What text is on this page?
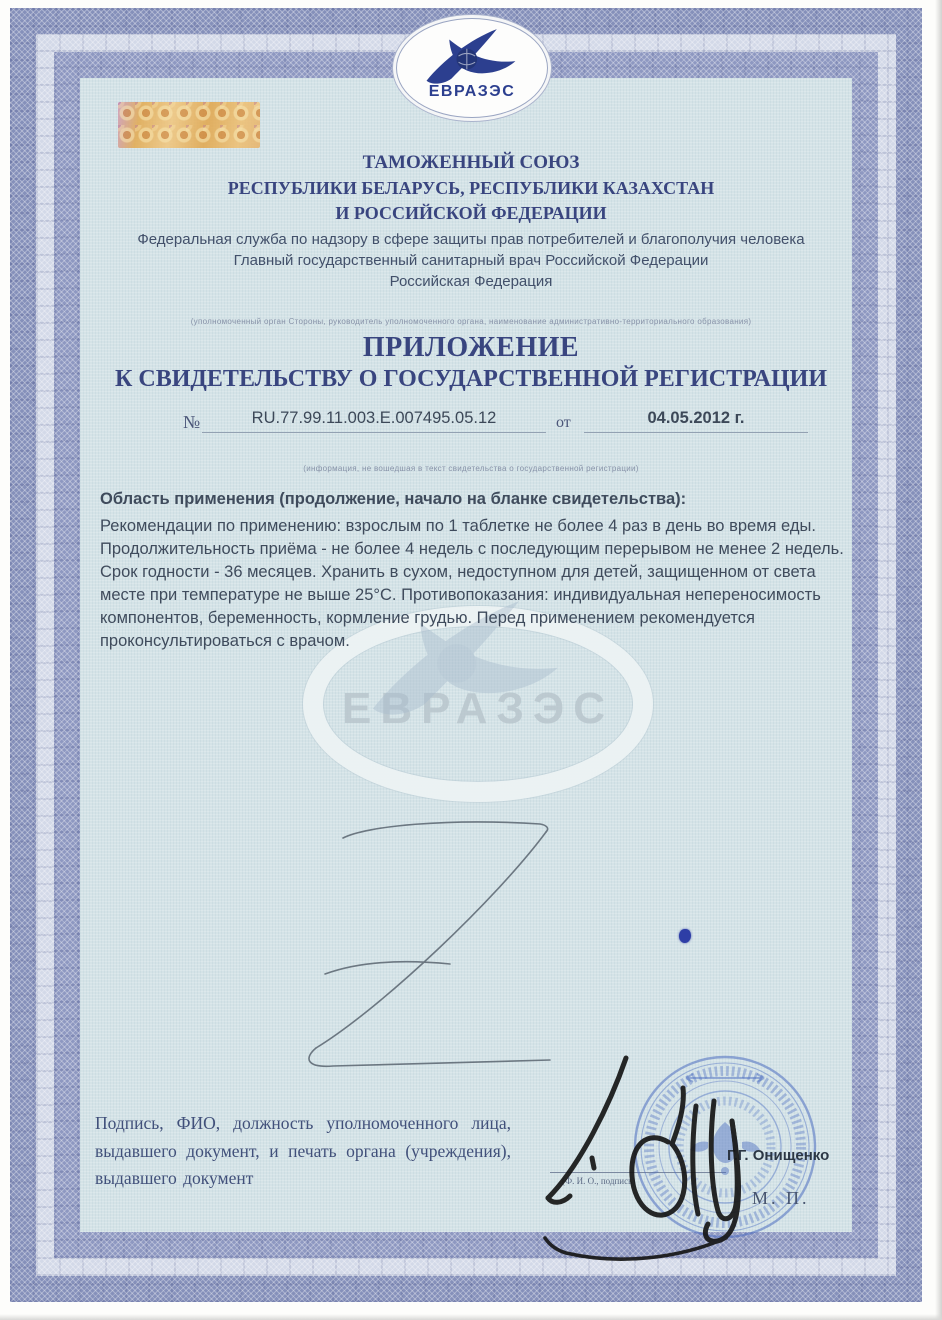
ЕВРАЗЭС
ЕВРАЗЭС
ТАМОЖЕННЫЙ СОЮЗ
РЕСПУБЛИКИ БЕЛАРУСЬ, РЕСПУБЛИКИ КАЗАХСТАН
И РОССИЙСКОЙ ФЕДЕРАЦИИ
Федеральная служба по надзору в сфере защиты прав потребителей и благополучия человека
Главный государственный санитарный врач Российской Федерации
Российская Федерация
(уполномоченный орган Стороны, руководитель уполномоченного органа, наименование административно-территориального образования)
ПРИЛОЖЕНИЕ
К СВИДЕТЕЛЬСТВУ О ГОСУДАРСТВЕННОЙ РЕГИСТРАЦИИ
№	RU.77.99.11.003.E.007495.05.12	от	04.05.2012 г.
(информация, не вошедшая в текст свидетельства о государственной регистрации)
Область применения (продолжение, начало на бланке свидетельства):
Рекомендации по применению: взрослым по 1 таблетке не более 4 раз в день во время еды. Продолжительность приёма - не более 4 недель с последующим перерывом не менее 2 недель. Срок годности - 36 месяцев. Хранить в сухом, недоступном для детей, защищенном от света месте при температуре не выше 25°С. Противопоказания: индивидуальная непереносимость компонентов, беременность, кормление грудью. Перед применением рекомендуется проконсультироваться с врачом.
Подпись, ФИО, должность уполномоченного лица, выдавшего документ, и печать органа (учреждения), выдавшего документ	(Ф. И. О., подпись)
Г.Г. Онищенко
М. П.
